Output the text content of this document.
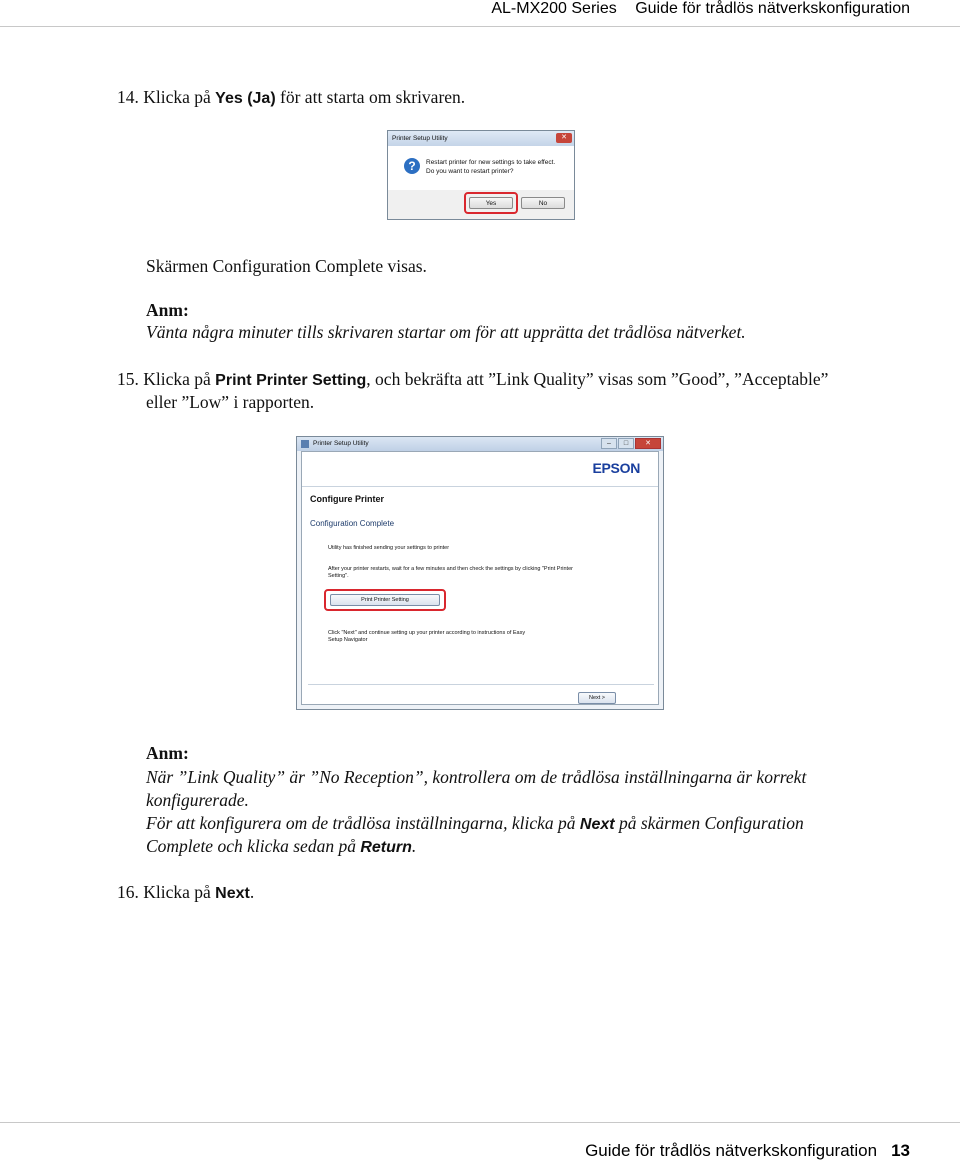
AL-MX200 Series Guide för trådlös nätverkskonfiguration
14. Klicka på Yes (Ja) för att starta om skrivaren.
Printer Setup Utility	✕
?	Restart printer for new settings to take effect.
Do you want to restart printer?
Yes	No
Skärmen Configuration Complete visas.
Anm:
Vänta några minuter tills skrivaren startar om för att upprätta det trådlösa nätverket.
15. Klicka på Print Printer Setting, och bekräfta att ”Link Quality” visas som ”Good”, ”Acceptable”
eller ”Low” i rapporten.
Printer Setup Utility	– □ ✕
EPSON
Configure Printer
Configuration Complete
Utility has finished sending your settings to printer
After your printer restarts, wait for a few minutes and then check the settings by clicking "Print Printer
Setting".
Print Printer Setting
Click "Next" and continue setting up your printer according to instructions of Easy
Setup Navigator
Next >
Anm:
När ”Link Quality” är ”No Reception”, kontrollera om de trådlösa inställningarna är korrekt
konfigurerade.
För att konfigurera om de trådlösa inställningarna, klicka på Next på skärmen Configuration
Complete och klicka sedan på Return.
16. Klicka på Next.
Guide för trådlös nätverkskonfiguration 13
